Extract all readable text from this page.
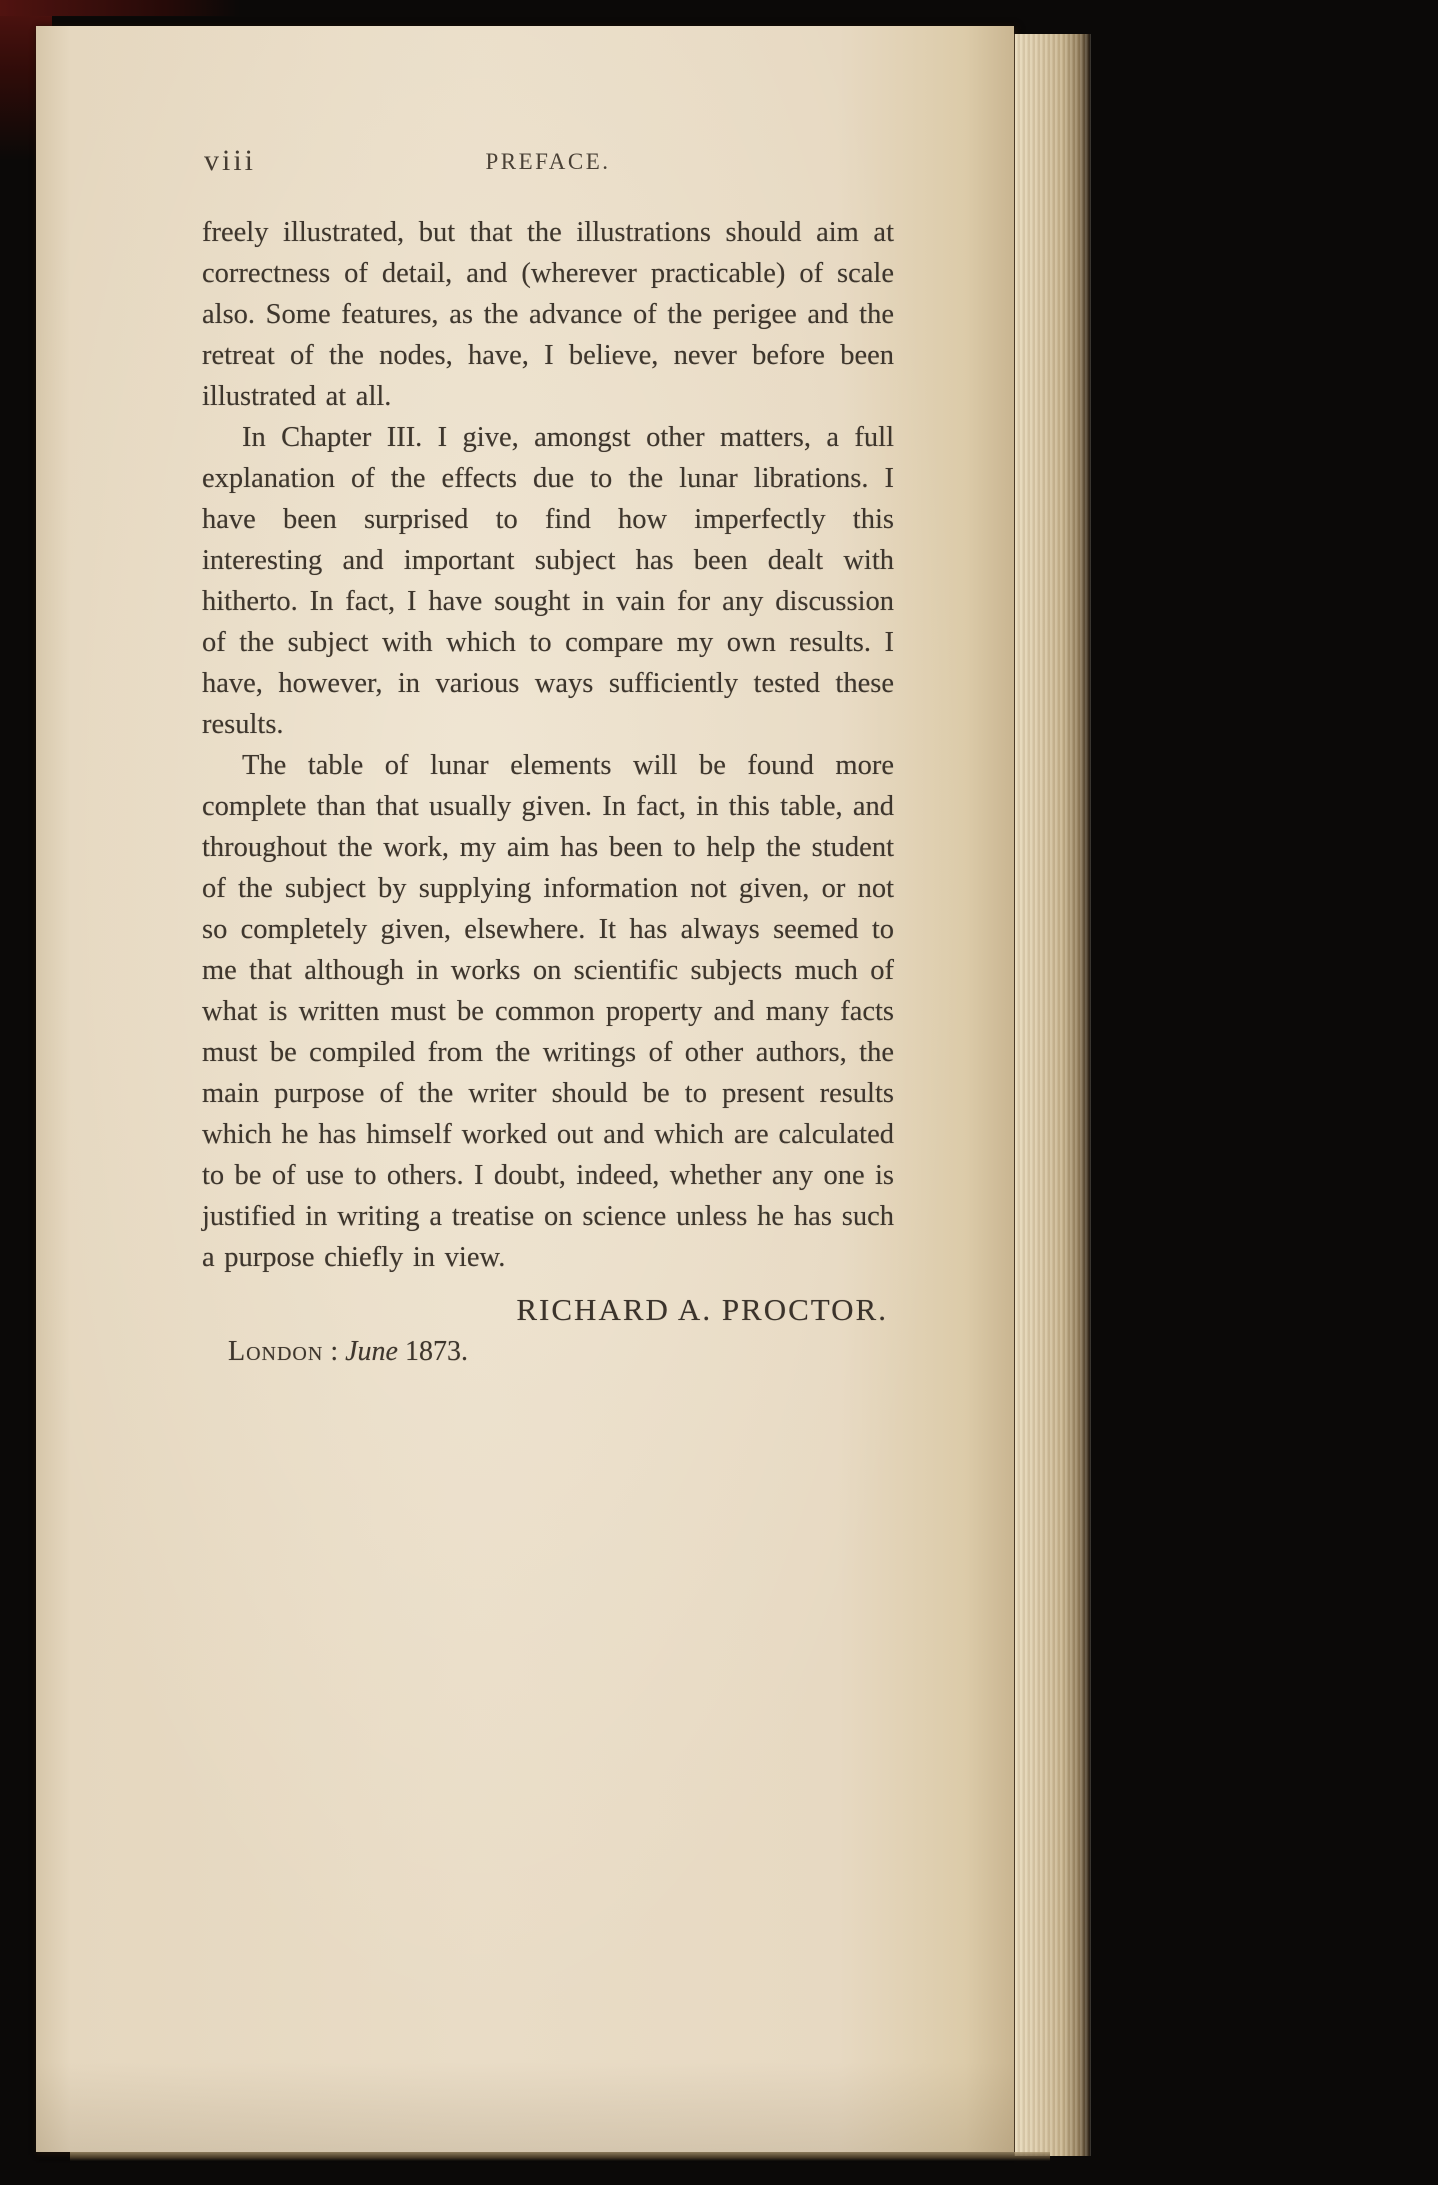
viii	PREFACE.

freely illustrated, but that the illustrations should aim at correctness of detail, and (wherever practicable) of scale also. Some features, as the advance of the perigee and the retreat of the nodes, have, I believe, never before been illustrated at all.

In Chapter III. I give, amongst other matters, a full explanation of the effects due to the lunar librations. I have been surprised to find how imperfectly this interesting and important subject has been dealt with hitherto. In fact, I have sought in vain for any discussion of the subject with which to compare my own results. I have, however, in various ways sufficiently tested these results.

The table of lunar elements will be found more complete than that usually given. In fact, in this table, and throughout the work, my aim has been to help the student of the subject by supplying information not given, or not so completely given, elsewhere. It has always seemed to me that although in works on scientific subjects much of what is written must be common property and many facts must be compiled from the writings of other authors, the main purpose of the writer should be to present results which he has himself worked out and which are calculated to be of use to others. I doubt, indeed, whether any one is justified in writing a treatise on science unless he has such a purpose chiefly in view.

RICHARD A. PROCTOR.
London : June 1873.
